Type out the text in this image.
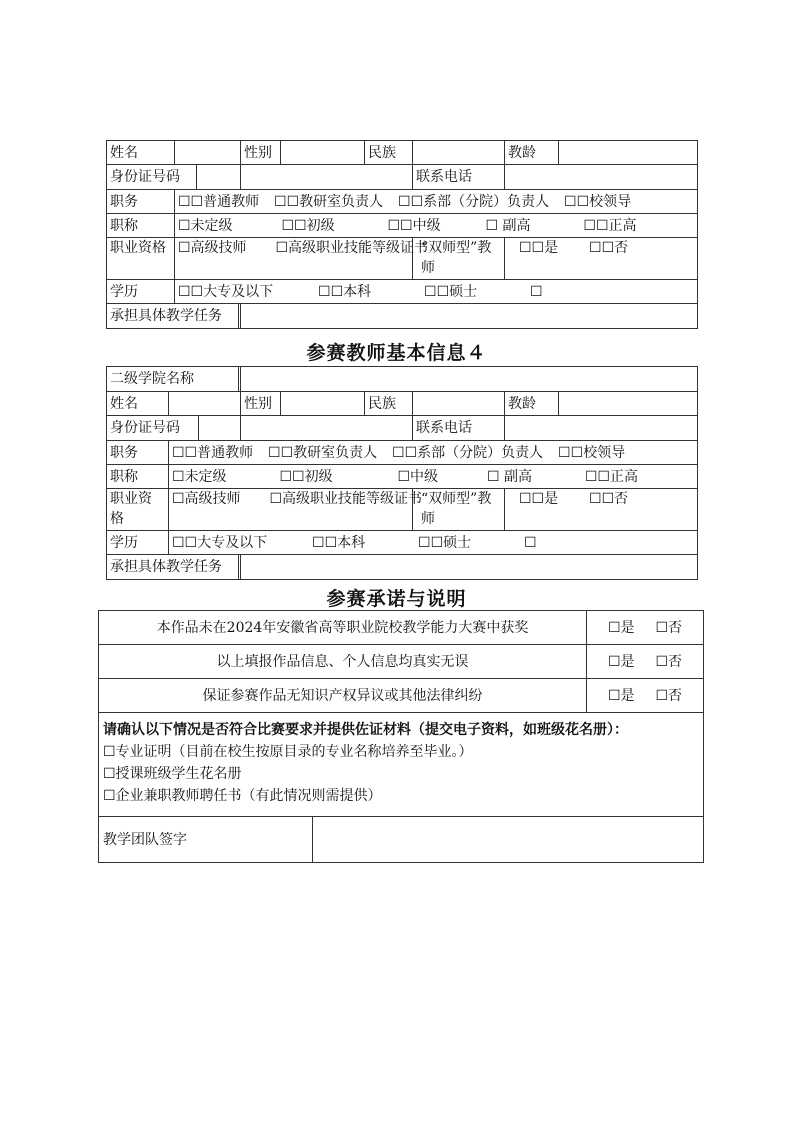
姓名		性别		民族		教龄	

身份证号码					联系电话		
职务	☐☐普通教师 ☐☐教研室负责人 ☐☐系部（分院）负责人 ☐☐校领导						
职称	☐未定级 ☐☐初级 ☐☐中级 ☐ 副高 ☐☐正高						
职业资格	☐高级技师 ☐高级职业技能等级证书				“双师型”教师	☐☐是 ☐☐否	
学历	☐☐大专及以下 ☐☐本科 ☐☐硕士 ☐						

承担具体教学任务							

参赛教师基本信息４
二级学院名称							

姓名		性别		民族		教龄	

身份证号码					联系电话		
职务	☐☐普通教师 ☐☐教研室负责人 ☐☐系部（分院）负责人 ☐☐校领导						
职称	☐未定级 ☐☐初级 ☐中级 ☐ 副高 ☐☐正高						
职业资格	☐高级技师 ☐高级职业技能等级证书				“双师型”教师	☐☐是 ☐☐否	
学历	☐☐大专及以下 ☐☐本科 ☐☐硕士 ☐						

承担具体教学任务							

参赛承诺与说明
本作品未在2024年安徽省高等职业院校教学能力大赛中获奖		☐是 ☐否
以上填报作品信息、个人信息均真实无误		☐是 ☐否
保证参赛作品无知识产权异议或其他法律纠纷		☐是 ☐否

请确认以下情况是否符合比赛要求并提供佐证材料（提交电子资料，如班级花名册）：
☐专业证明（目前在校生按原目录的专业名称培养至毕业。）
☐授课班级学生花名册
☐企业兼职教师聘任书（有此情况则需提供）		

教学团队签字		
